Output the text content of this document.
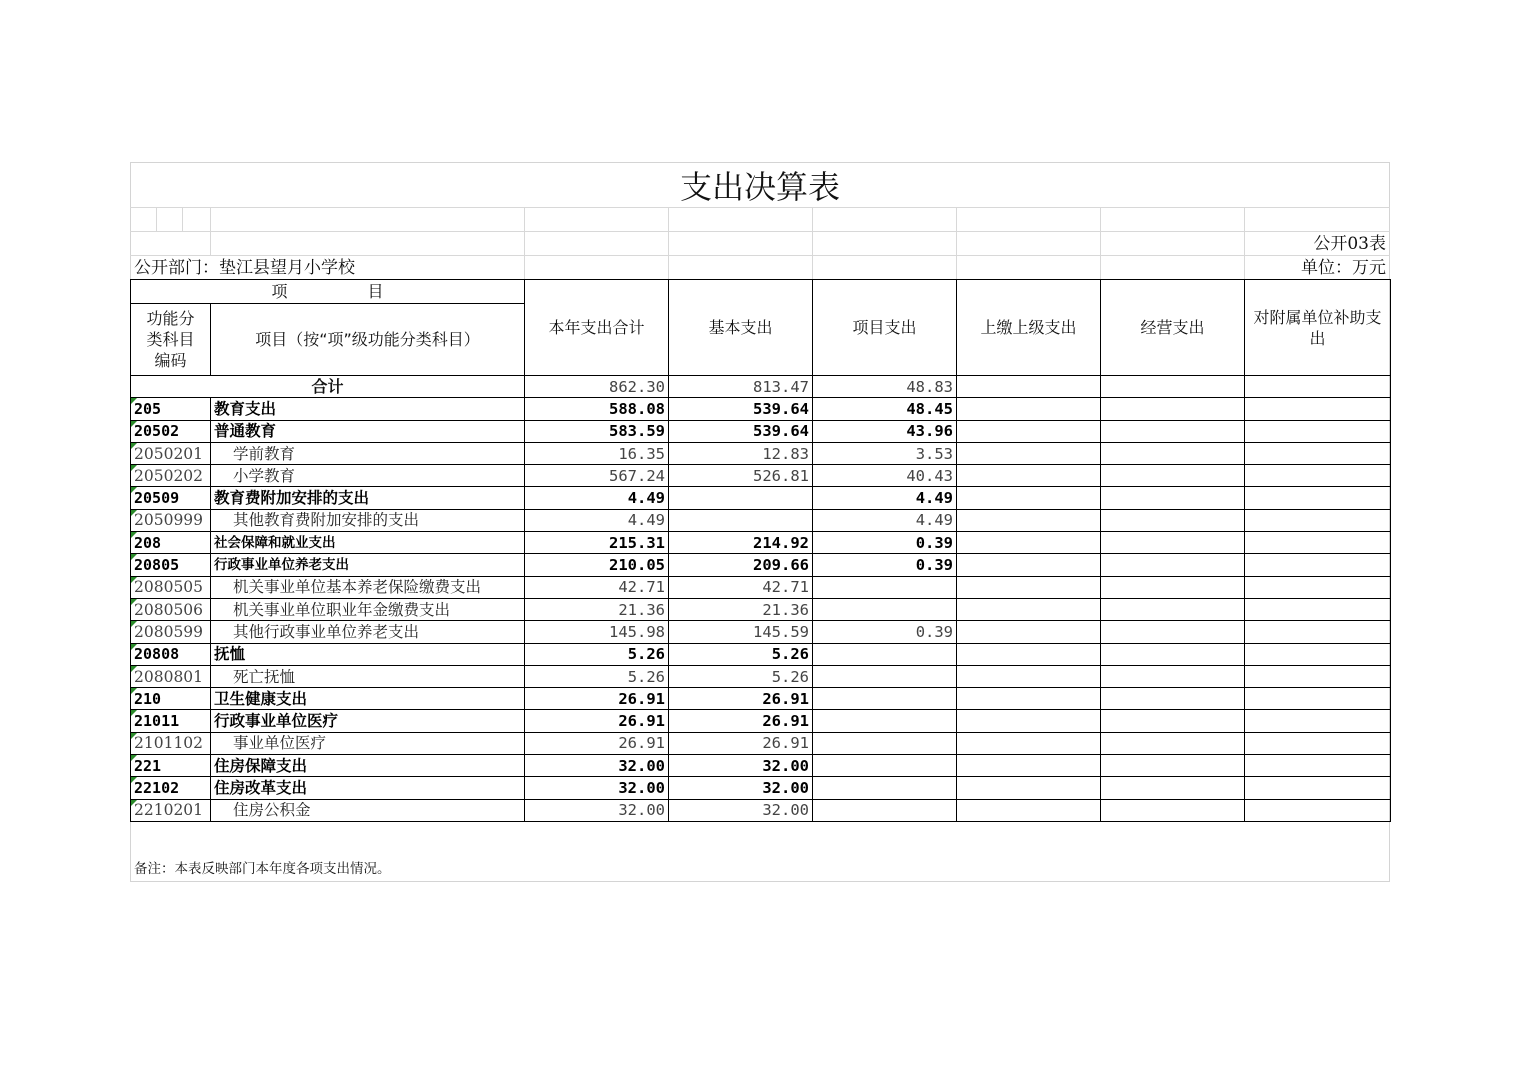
支出决算表
公开03表
公开部门：垫江县望月小学校	单位：万元
项　　　　　目		本年支出合计	基本支出	项目支出	上缴上级支出	经营支出	对附属单位补助支出
功能分类科目编码	项目（按“项”级功能分类科目）						
合计		862.30	813.47	48.83			
205	教育支出	588.08	539.64	48.45			
20502	普通教育	583.59	539.64	43.96			
2050201	学前教育	16.35	12.83	3.53			
2050202	小学教育	567.24	526.81	40.43			
20509	教育费附加安排的支出	4.49		4.49			
2050999	其他教育费附加安排的支出	4.49		4.49			
208	社会保障和就业支出	215.31	214.92	0.39			
20805	行政事业单位养老支出	210.05	209.66	0.39			
2080505	机关事业单位基本养老保险缴费支出	42.71	42.71				
2080506	机关事业单位职业年金缴费支出	21.36	21.36				
2080599	其他行政事业单位养老支出	145.98	145.59	0.39			
20808	抚恤	5.26	5.26				
2080801	死亡抚恤	5.26	5.26				
210	卫生健康支出	26.91	26.91				
21011	行政事业单位医疗	26.91	26.91				
2101102	事业单位医疗	26.91	26.91				
221	住房保障支出	32.00	32.00				
22102	住房改革支出	32.00	32.00				
2210201	住房公积金	32.00	32.00				
备注：本表反映部门本年度各项支出情况。
